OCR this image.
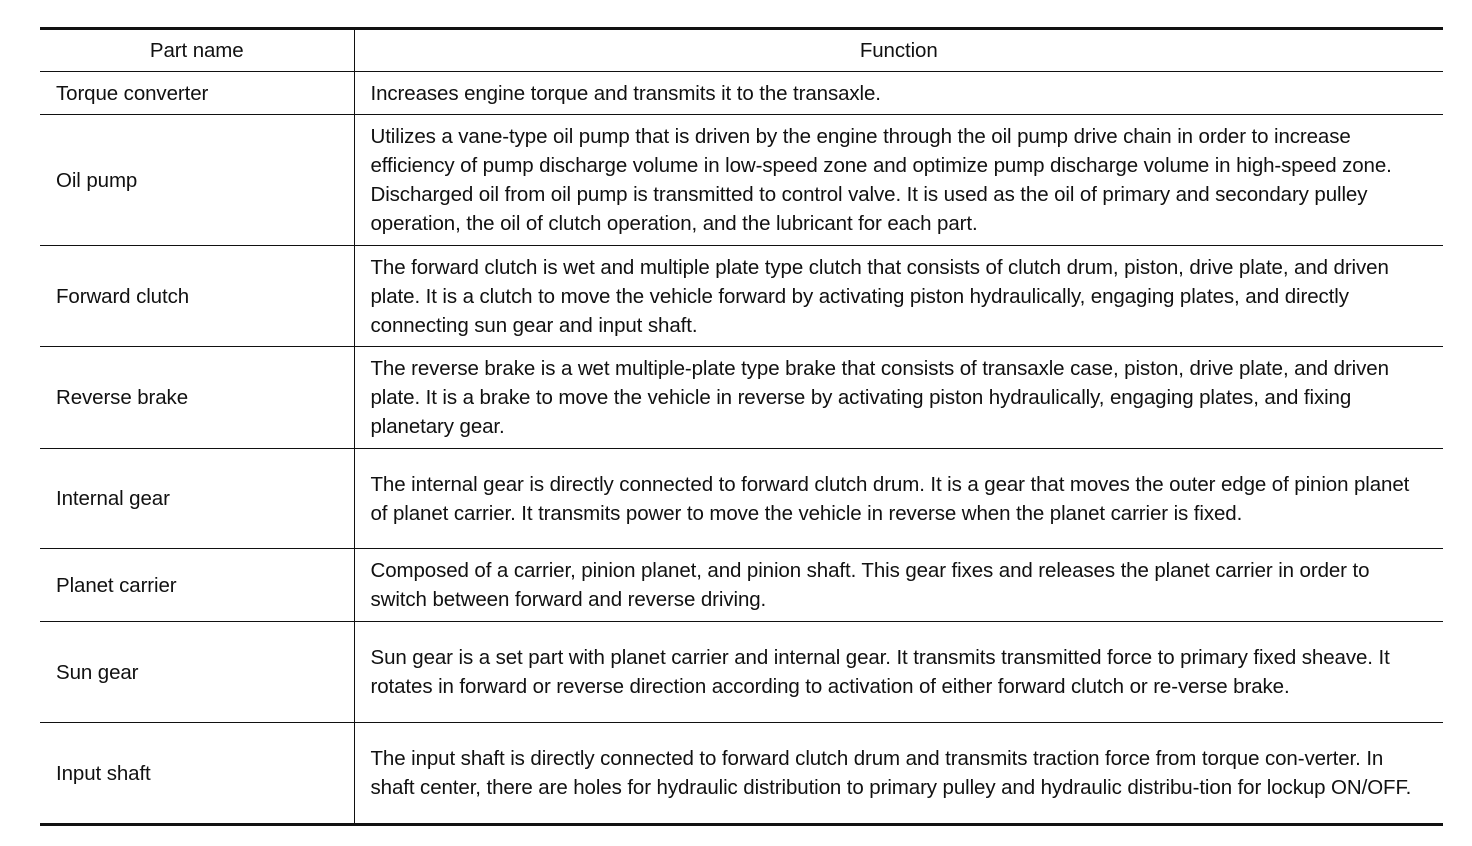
Part name	Function
Torque converter	Increases engine torque and transmits it to the transaxle.
Oil pump	Utilizes a vane-type oil pump that is driven by the engine through the oil pump drive chain in order to increase efficiency of pump discharge volume in low-speed zone and optimize pump discharge volume in high-speed zone. Discharged oil from oil pump is transmitted to control valve. It is used as the oil of primary and secondary pulley operation, the oil of clutch operation, and the lubricant for each part.
Forward clutch	The forward clutch is wet and multiple plate type clutch that consists of clutch drum, piston, drive plate, and driven plate. It is a clutch to move the vehicle forward by activating piston hydraulically, engaging plates, and directly connecting sun gear and input shaft.
Reverse brake	The reverse brake is a wet multiple-plate type brake that consists of transaxle case, piston, drive plate, and driven plate. It is a brake to move the vehicle in reverse by activating piston hydraulically, engaging plates, and fixing planetary gear.
Internal gear	The internal gear is directly connected to forward clutch drum. It is a gear that moves the outer edge of pinion planet of planet carrier. It transmits power to move the vehicle in reverse when the planet carrier is fixed.
Planet carrier	Composed of a carrier, pinion planet, and pinion shaft. This gear fixes and releases the planet carrier in order to switch between forward and reverse driving.
Sun gear	Sun gear is a set part with planet carrier and internal gear. It transmits transmitted force to primary fixed sheave. It rotates in forward or reverse direction according to activation of either forward clutch or re-verse brake.
Input shaft	The input shaft is directly connected to forward clutch drum and transmits traction force from torque con-verter. In shaft center, there are holes for hydraulic distribution to primary pulley and hydraulic distribu-tion for lockup ON/OFF.
